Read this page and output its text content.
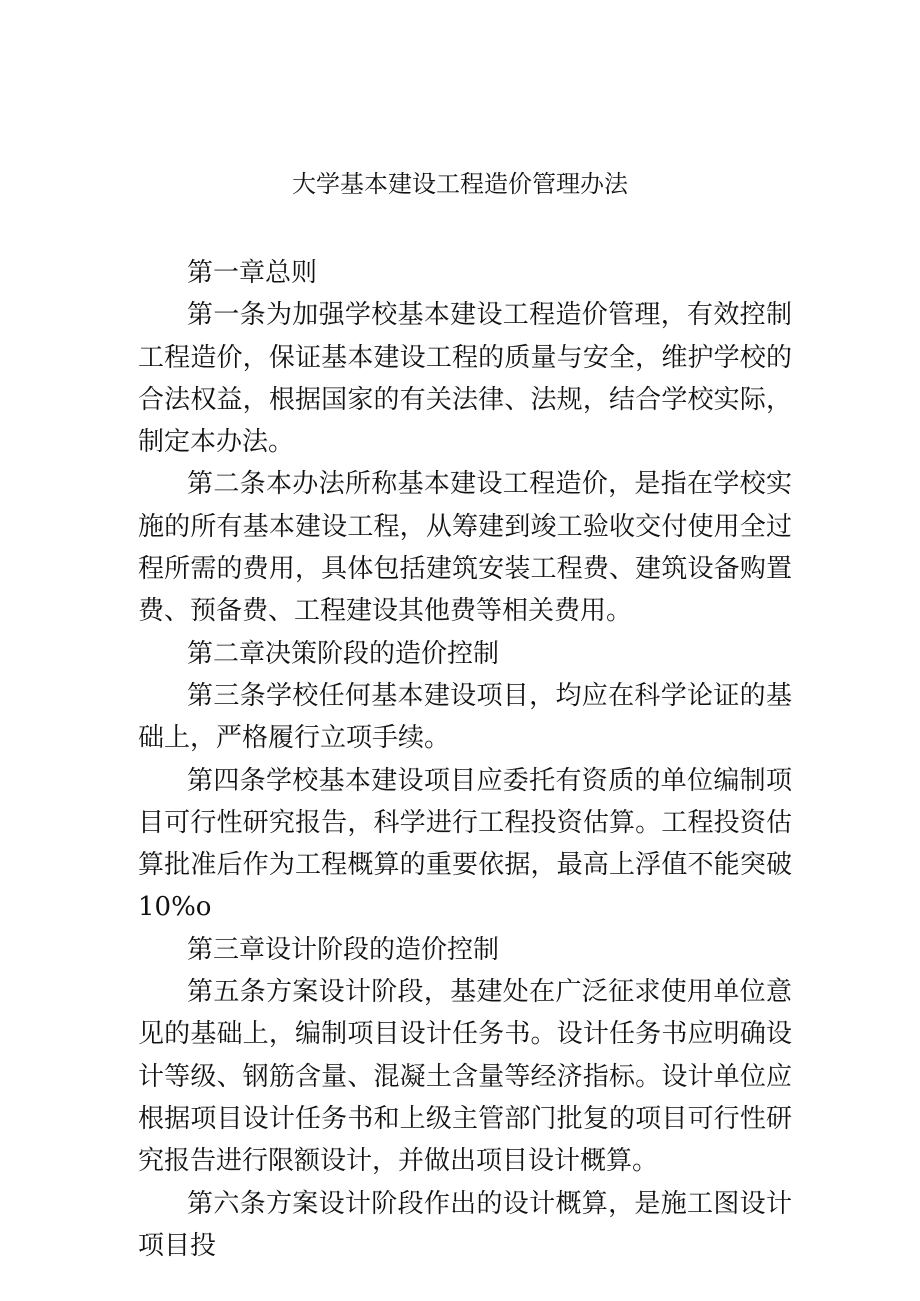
大学基本建设工程造价管理办法

第一章总则

第一条为加强学校基本建设工程造价管理，有效控制工程造价，保证基本建设工程的质量与安全，维护学校的合法权益，根据国家的有关法律、法规，结合学校实际，制定本办法。

第二条本办法所称基本建设工程造价，是指在学校实施的所有基本建设工程，从筹建到竣工验收交付使用全过程所需的费用，具体包括建筑安装工程费、建筑设备购置费、预备费、工程建设其他费等相关费用。

第二章决策阶段的造价控制

第三条学校任何基本建设项目，均应在科学论证的基础上，严格履行立项手续。

第四条学校基本建设项目应委托有资质的单位编制项目可行性研究报告，科学进行工程投资估算。工程投资估算批准后作为工程概算的重要依据，最高上浮值不能突破10%o

第三章设计阶段的造价控制

第五条方案设计阶段，基建处在广泛征求使用单位意见的基础上，编制项目设计任务书。设计任务书应明确设计等级、钢筋含量、混凝土含量等经济指标。设计单位应根据项目设计任务书和上级主管部门批复的项目可行性研究报告进行限额设计，并做出项目设计概算。

第六条方案设计阶段作出的设计概算，是施工图设计项目投
